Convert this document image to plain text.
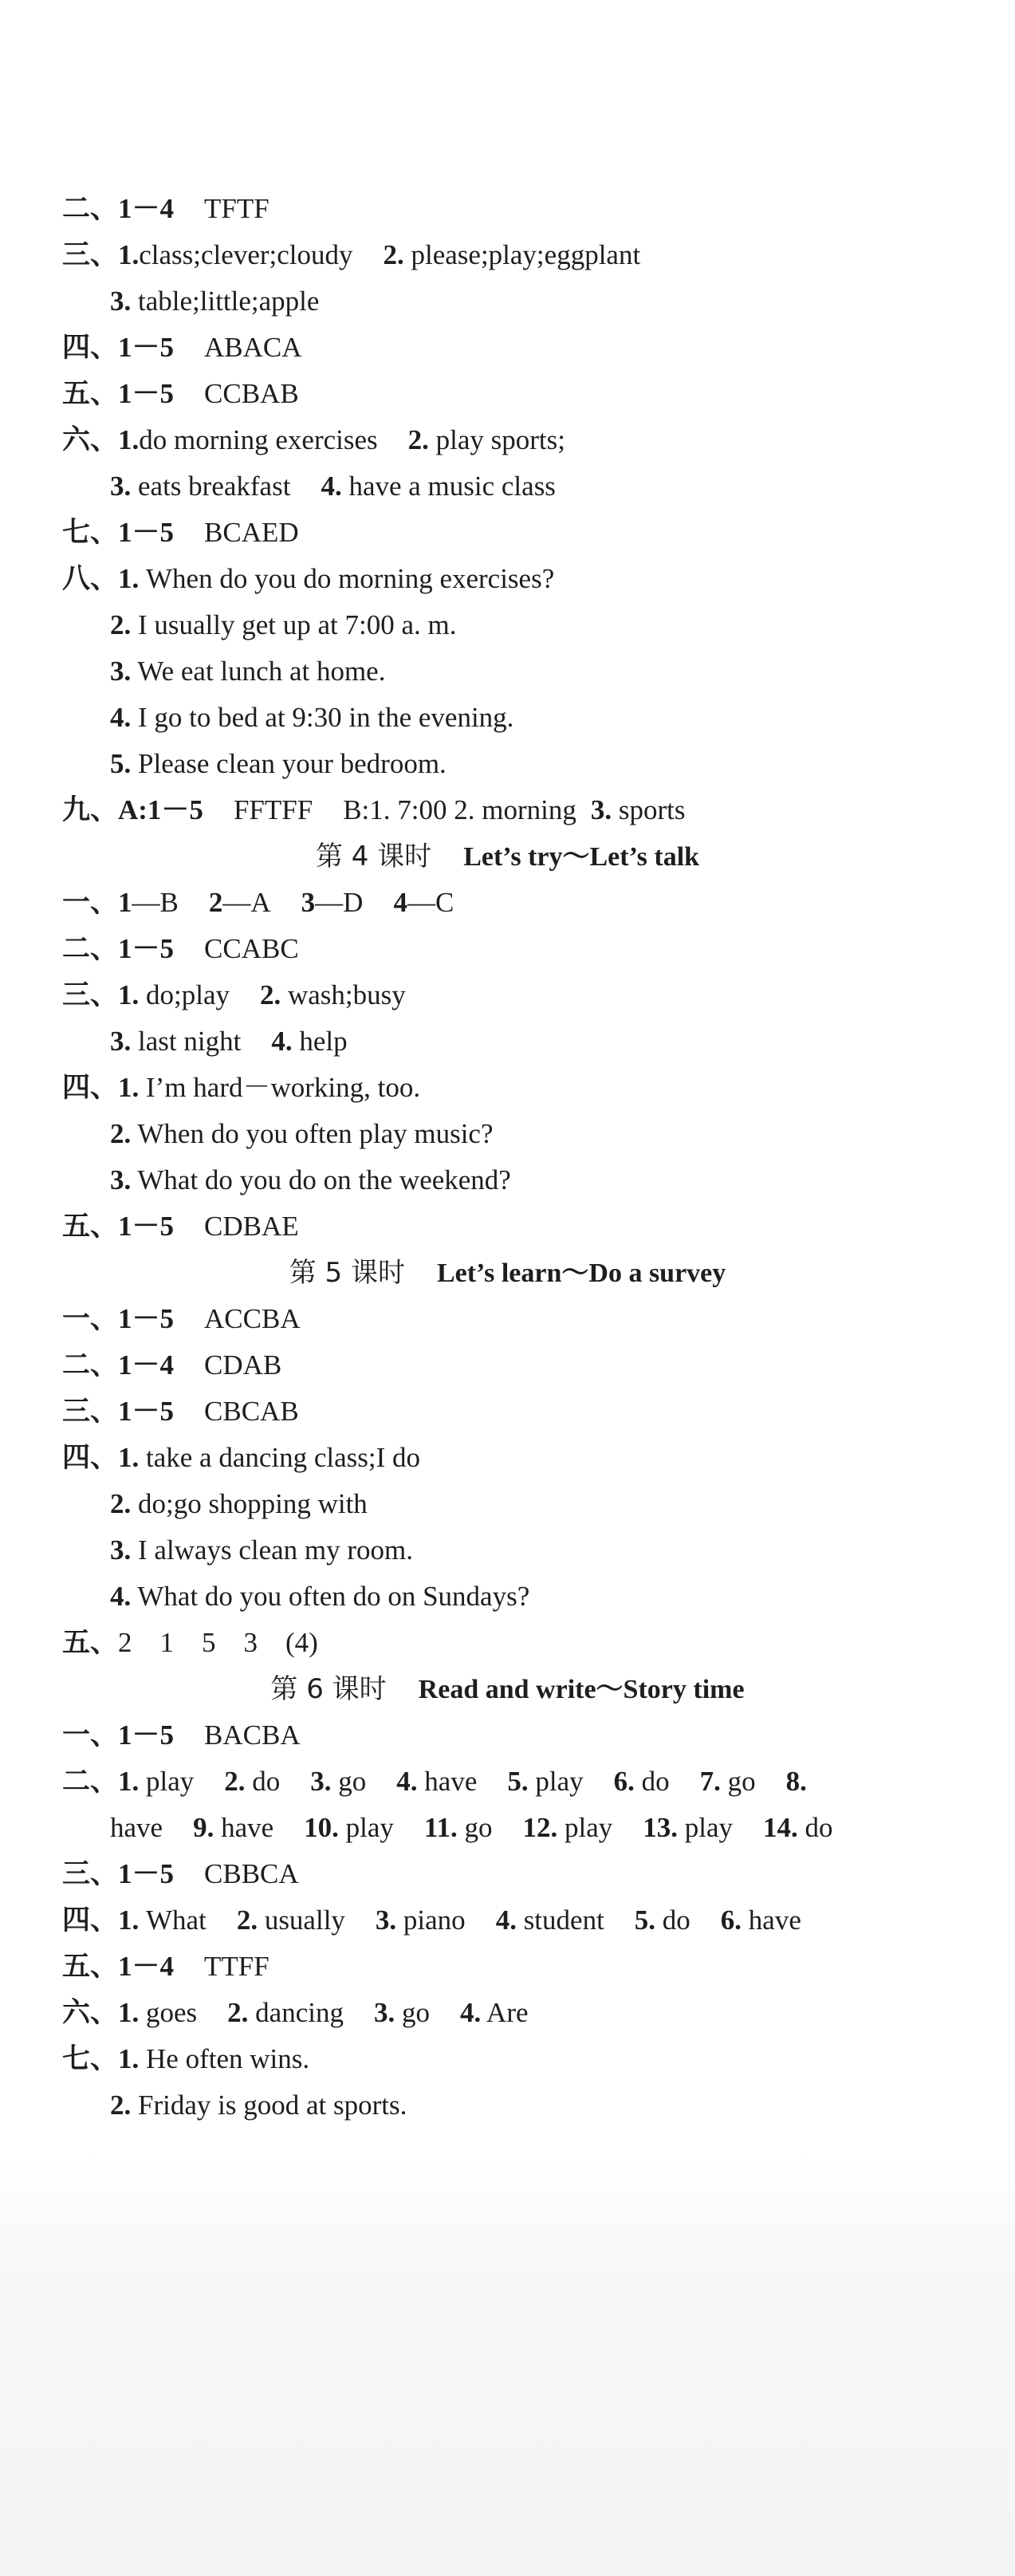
二、1－4 TFTF
三、1.class;clever;cloudy 2. please;play;eggplant
3. table;little;apple
四、1－5 ABACA
五、1－5 CCBAB
六、1.do morning exercises 2. play sports;
3. eats breakfast 4. have a music class
七、1－5 BCAED
八、1. When do you do morning exercises?
2. I usually get up at 7:00 a. m.
3. We eat lunch at home.
4. I go to bed at 9:30 in the evening.
5. Please clean your bedroom.
九、A:1－5 FFTFF B:1. 7:00 2. morning 3. sports
第 4 课时 Let’s try～Let’s talk
一、1—B 2—A 3—D 4—C
二、1－5 CCABC
三、1. do;play 2. wash;busy
3. last night 4. help
四、1. I’m hard－working, too.
2. When do you often play music?
3. What do you do on the weekend?
五、1－5 CDBAE
第 5 课时 Let’s learn～Do a survey
一、1－5 ACCBA
二、1－4 CDAB
三、1－5 CBCAB
四、1. take a dancing class;I do
2. do;go shopping with
3. I always clean my room.
4. What do you often do on Sundays?
五、2　1　5　3　(4)
第 6 课时 Read and write～Story time
一、1－5 BACBA
二、1. play 2. do 3. go 4. have 5. play 6. do 7. go 8.
have 9. have 10. play 11. go 12. play 13. play 14. do
三、1－5 CBBCA
四、1. What 2. usually 3. piano 4. student 5. do 6. have
五、1－4 TTFF
六、1. goes 2. dancing 3. go 4. Are
七、1. He often wins.
2. Friday is good at sports.
